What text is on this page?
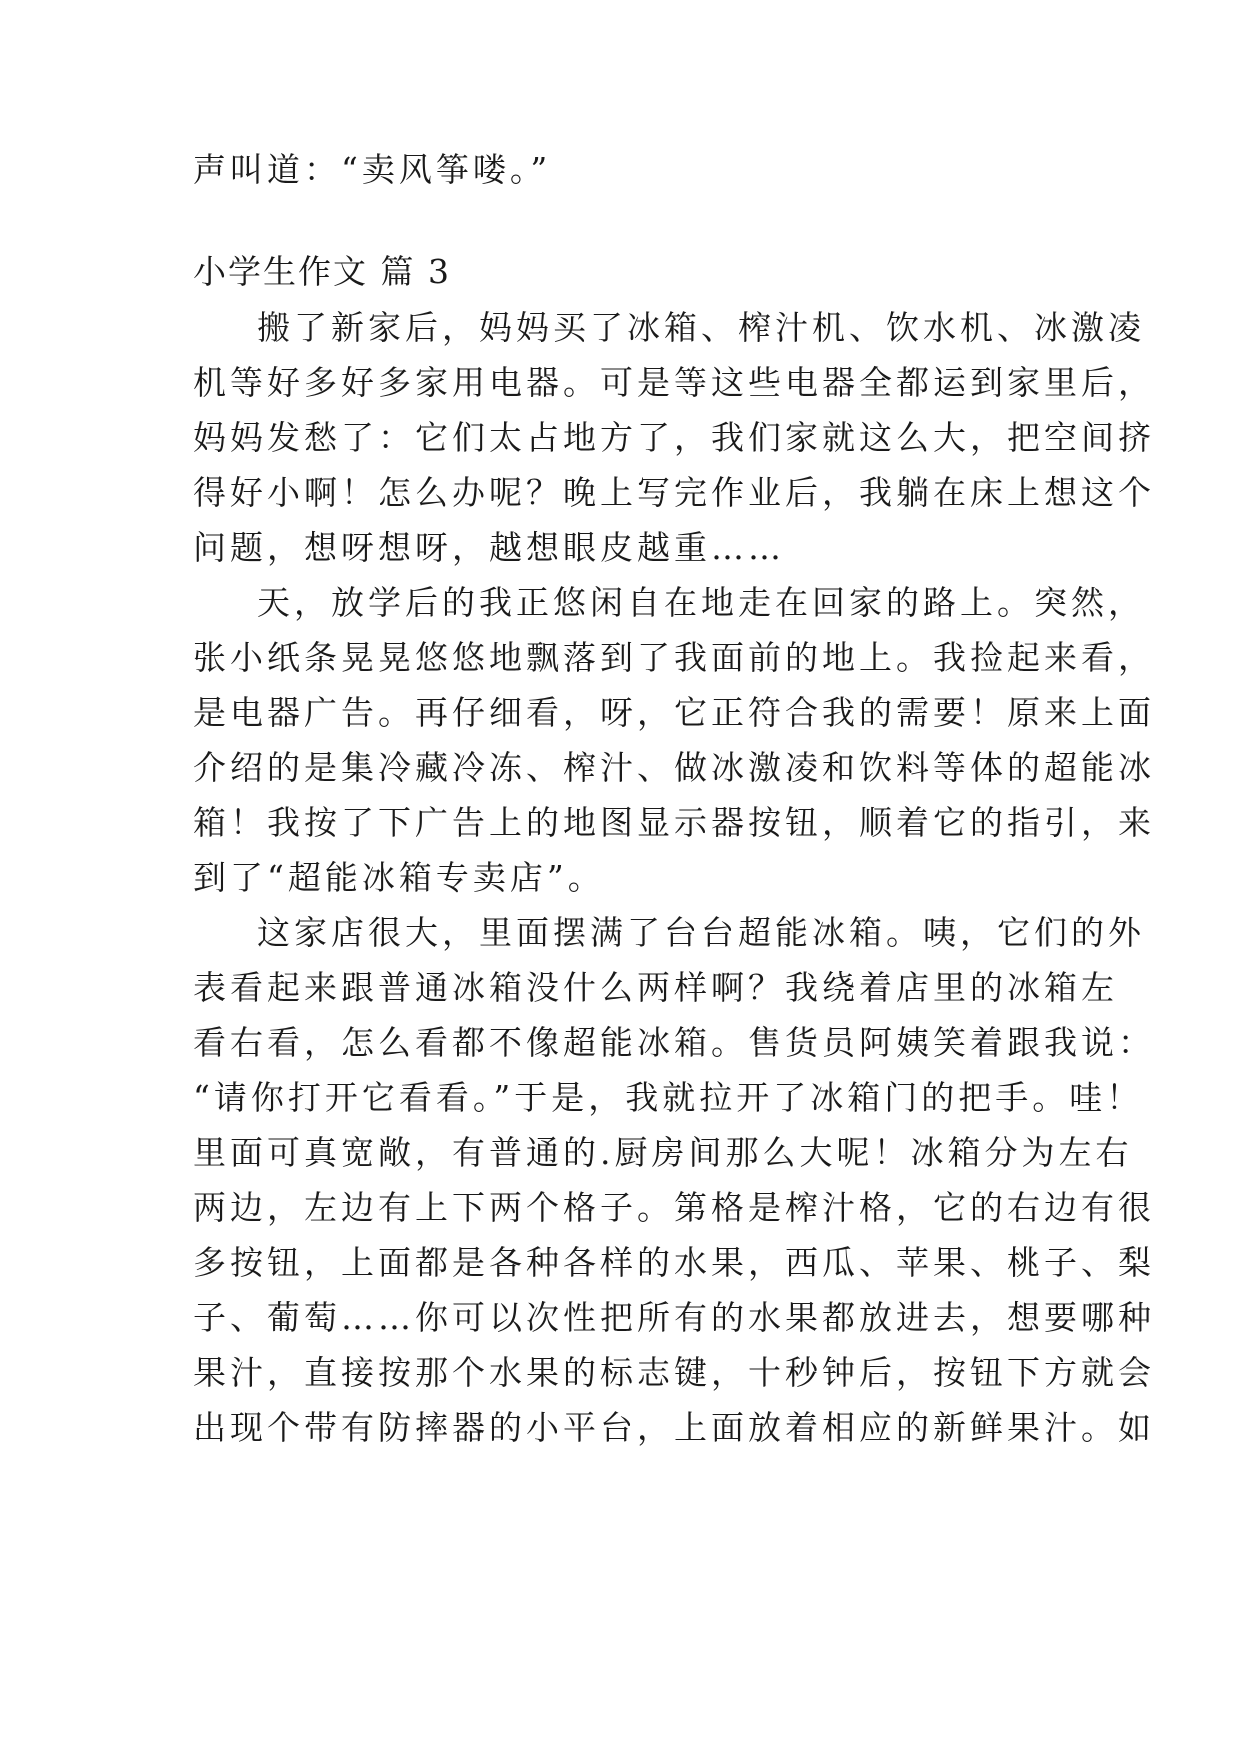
声叫道：“卖风筝喽。”
小学生作文 篇 3
搬了新家后，妈妈买了冰箱、榨汁机、饮水机、冰激凌
机等好多好多家用电器。可是等这些电器全都运到家里后，
妈妈发愁了：它们太占地方了，我们家就这么大，把空间挤
得好小啊！怎么办呢？晚上写完作业后，我躺在床上想这个
问题，想呀想呀，越想眼皮越重……
天，放学后的我正悠闲自在地走在回家的路上。突然，
张小纸条晃晃悠悠地飘落到了我面前的地上。我捡起来看，
是电器广告。再仔细看，呀，它正符合我的需要！原来上面
介绍的是集冷藏冷冻、榨汁、做冰激凌和饮料等体的超能冰
箱！我按了下广告上的地图显示器按钮，顺着它的指引，来
到了“超能冰箱专卖店”。
这家店很大，里面摆满了台台超能冰箱。咦，它们的外
表看起来跟普通冰箱没什么两样啊？我绕着店里的冰箱左
看右看，怎么看都不像超能冰箱。售货员阿姨笑着跟我说：
“请你打开它看看。”于是，我就拉开了冰箱门的把手。哇！
里面可真宽敞，有普通的.厨房间那么大呢！冰箱分为左右
两边，左边有上下两个格子。第格是榨汁格，它的右边有很
多按钮，上面都是各种各样的水果，西瓜、苹果、桃子、梨
子、葡萄……你可以次性把所有的水果都放进去，想要哪种
果汁，直接按那个水果的标志键，十秒钟后，按钮下方就会
出现个带有防摔器的小平台，上面放着相应的新鲜果汁。如
